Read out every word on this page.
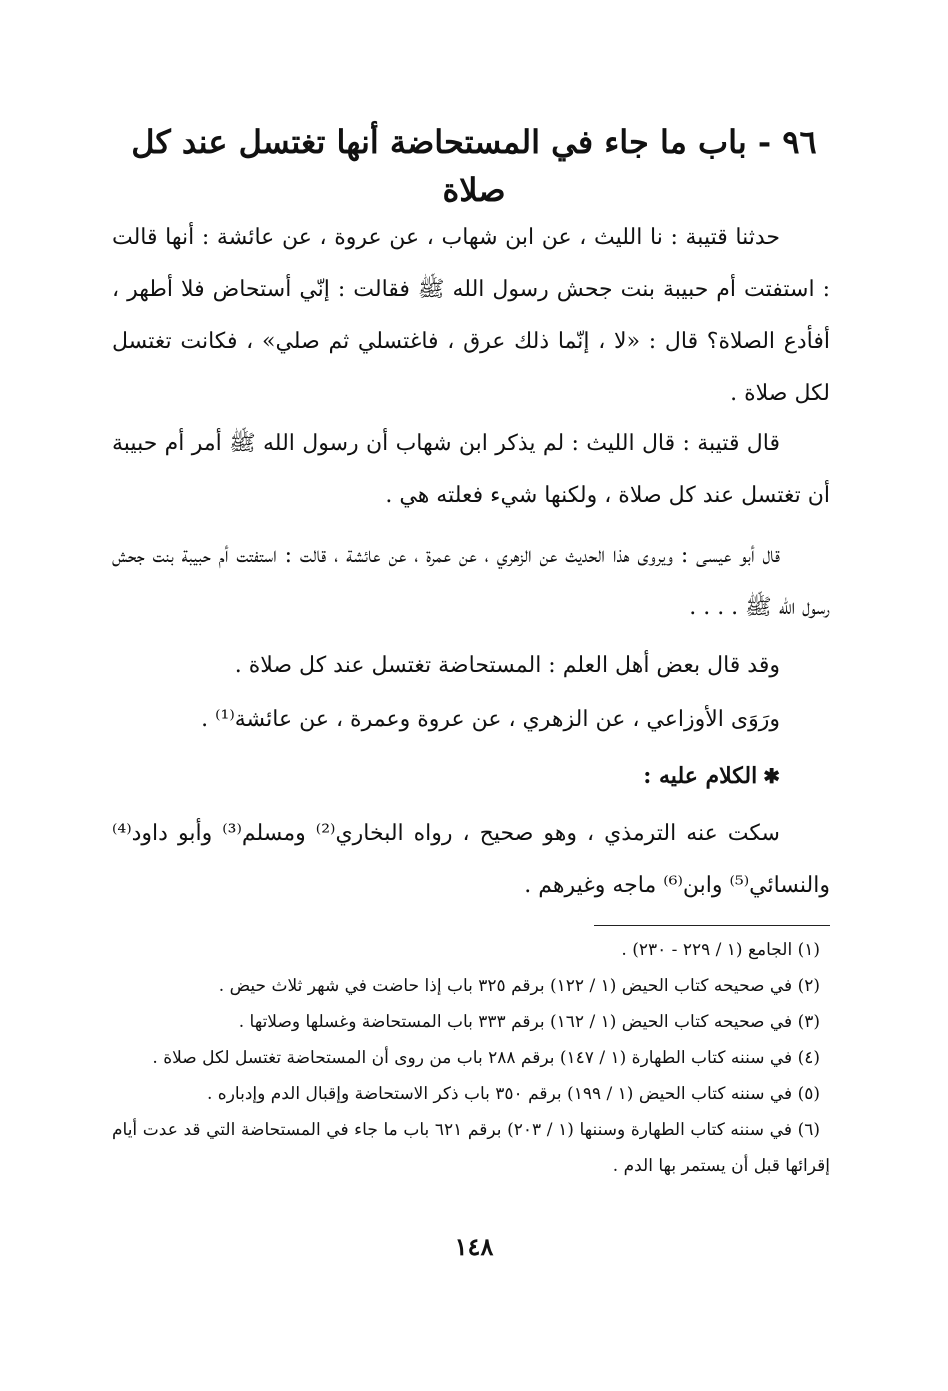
٩٦ - باب ما جاء في المستحاضة أنها تغتسل عند كل صلاة

حدثنا قتيبة : نا الليث ، عن ابن شهاب ، عن عروة ، عن عائشة : أنها قالت : استفتت أم حبيبة بنت جحش رسول الله ﷺ فقالت : إنّي أستحاض فلا أطهر ، أفأدع الصلاة؟ قال : «لا ، إنّما ذلك عرق ، فاغتسلي ثم صلي» ، فكانت تغتسل لكل صلاة .

قال قتيبة : قال الليث : لم يذكر ابن شهاب أن رسول الله ﷺ أمر أم حبيبة أن تغتسل عند كل صلاة ، ولكنها شيء فعلته هي .

قال أبو عيسى : ويروى هذا الحديث عن الزهري ، عن عمرة ، عن عائشة ، قالت : استفتت أم حبيبة بنت جحش رسول الله ﷺ . . . .

وقد قال بعض أهل العلم : المستحاضة تغتسل عند كل صلاة .

ورَوَى الأوزاعي ، عن الزهري ، عن عروة وعمرة ، عن عائشة⁽¹⁾ .

✱الكلام عليه :

سكت عنه الترمذي ، وهو صحيح ، رواه البخاري⁽²⁾ ومسلم⁽³⁾ وأبو داود⁽⁴⁾ والنسائي⁽⁵⁾ وابن⁽⁶⁾ ماجه وغيرهم .

(١) الجامع (١ / ٢٢٩ - ٢٣٠) .

(٢) في صحيحه كتاب الحيض (١ / ١٢٢) برقم ٣٢٥ باب إذا حاضت في شهر ثلاث حيض .

(٣) في صحيحه كتاب الحيض (١ / ١٦٢) برقم ٣٣٣ باب المستحاضة وغسلها وصلاتها .

(٤) في سننه كتاب الطهارة (١ / ١٤٧) برقم ٢٨٨ باب من روى أن المستحاضة تغتسل لكل صلاة .

(٥) في سننه كتاب الحيض (١ / ١٩٩) برقم ٣٥٠ باب ذكر الاستحاضة وإقبال الدم وإدباره .

(٦) في سننه كتاب الطهارة وسننها (١ / ٢٠٣) برقم ٦٢١ باب ما جاء في المستحاضة التي قد عدت أيام إقرائها قبل أن يستمر بها الدم .

١٤٨
